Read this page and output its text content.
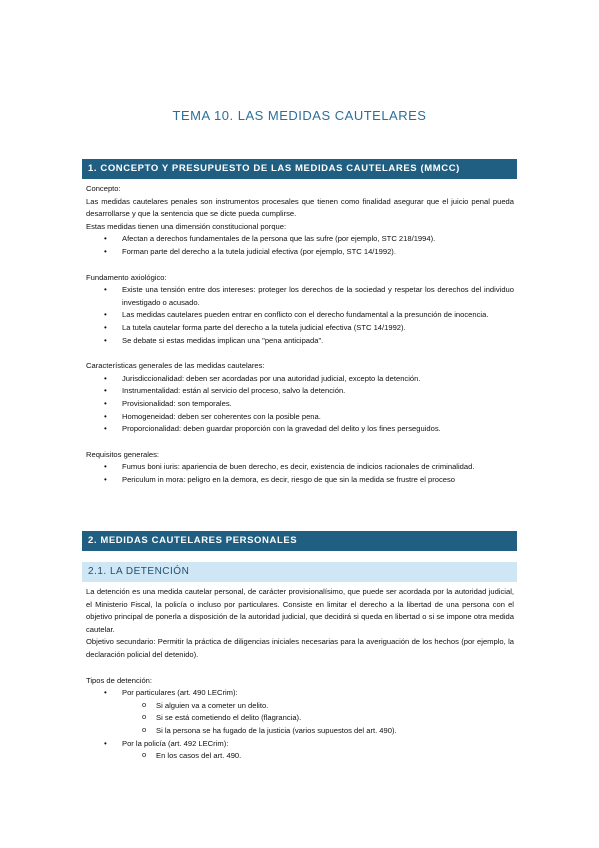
TEMA 10. LAS MEDIDAS CAUTELARES
1. CONCEPTO Y PRESUPUESTO DE LAS MEDIDAS CAUTELARES (MMCC)
Concepto:

Las medidas cautelares penales son instrumentos procesales que tienen como finalidad asegurar que el juicio penal pueda desarrollarse y que la sentencia que se dicte pueda cumplirse.

Estas medidas tienen una dimensión constitucional porque:

• Afectan a derechos fundamentales de la persona que las sufre (por ejemplo, STC 218/1994).
• Forman parte del derecho a la tutela judicial efectiva (por ejemplo, STC 14/1992).
Fundamento axiológico:
• Existe una tensión entre dos intereses: proteger los derechos de la sociedad y respetar los derechos del individuo investigado o acusado.
• Las medidas cautelares pueden entrar en conflicto con el derecho fundamental a la presunción de inocencia.
• La tutela cautelar forma parte del derecho a la tutela judicial efectiva (STC 14/1992).
• Se debate si estas medidas implican una "pena anticipada".
Características generales de las medidas cautelares:
• Jurisdiccionalidad: deben ser acordadas por una autoridad judicial, excepto la detención.
• Instrumentalidad: están al servicio del proceso, salvo la detención.
• Provisionalidad: son temporales.
• Homogeneidad: deben ser coherentes con la posible pena.
• Proporcionalidad: deben guardar proporción con la gravedad del delito y los fines perseguidos.
Requisitos generales:
• Fumus boni iuris: apariencia de buen derecho, es decir, existencia de indicios racionales de criminalidad.
• Periculum in mora: peligro en la demora, es decir, riesgo de que sin la medida se frustre el proceso
2. MEDIDAS CAUTELARES PERSONALES
2.1. LA DETENCIÓN

La detención es una medida cautelar personal, de carácter provisionalísimo, que puede ser acordada por la autoridad judicial, el Ministerio Fiscal, la policía o incluso por particulares. Consiste en limitar el derecho a la libertad de una persona con el objetivo principal de ponerla a disposición de la autoridad judicial, que decidirá si queda en libertad o si se impone otra medida cautelar.

Objetivo secundario: Permitir la práctica de diligencias iniciales necesarias para la averiguación de los hechos (por ejemplo, la declaración policial del detenido).

Tipos de detención:
• Por particulares (art. 490 LECrim):
o Si alguien va a cometer un delito.
o Si se está cometiendo el delito (flagrancia).
o Si la persona se ha fugado de la justicia (varios supuestos del art. 490).
• Por la policía (art. 492 LECrim):
o En los casos del art. 490.
